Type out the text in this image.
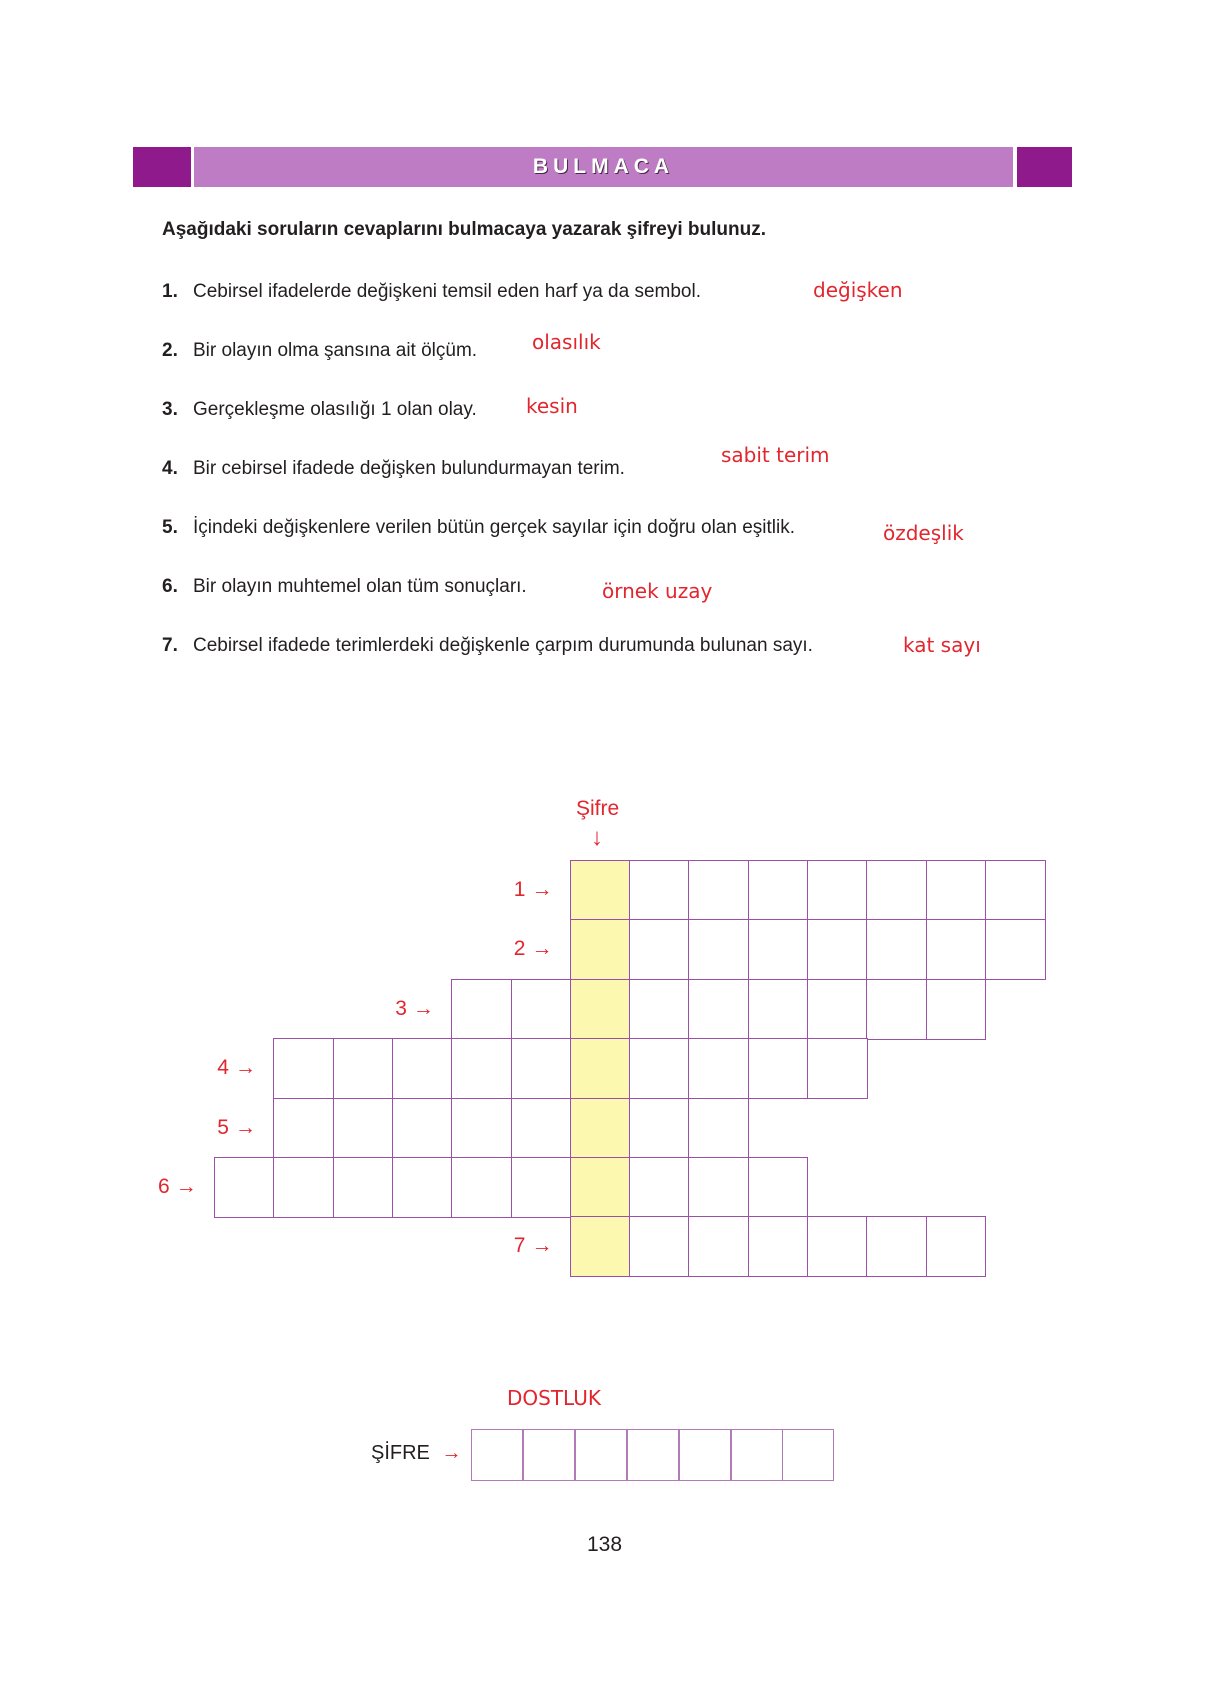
BULMACA
Aşağıdaki soruların cevaplarını bulmacaya yazarak şifreyi bulunuz.
1. Cebirsel ifadelerde değişkeni temsil eden harf ya da sembol.	değişken
2. Bir olayın olma şansına ait ölçüm.	olasılık
3. Gerçekleşme olasılığı 1 olan olay. kesin
4. Bir cebirsel ifadede değişken bulundurmayan terim.
sabit terim
5. İçindeki değişkenlere verilen bütün gerçek sayılar için doğru olan eşitlik.	özdeşlik
6. Bir olayın muhtemel olan tüm sonuçları.	örnek uzay
7. Cebirsel ifadede terimlerdeki değişkenle çarpım durumunda bulunan sayı.	kat sayı
Şifre
↓
1 →
2 →
3 →
4 →
5 →
6 →
7 →
DOSTLUK
ŞİFRE →
138
